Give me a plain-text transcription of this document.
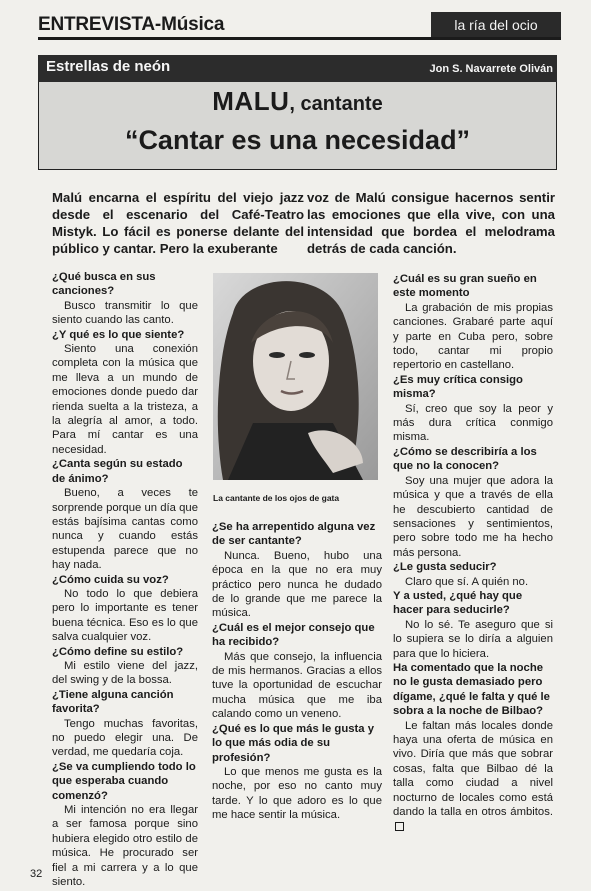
ENTREVISTA-Música	la ría del ocio
Estrellas de neón	Jon S. Navarrete Oliván
MALU, cantante
“Cantar es una necesidad”
Malú encarna el espíritu del viejo jazz desde el escenario del Café-Teatro Mistyk. Lo fácil es ponerse delante del público y cantar. Pero la exuberante
voz de Malú consigue hacernos sentir las emociones que ella vive, con una intensidad que bordea el melodrama detrás de cada canción.

¿Qué busca en sus canciones?

Busco transmitir lo que siento cuando las canto.

¿Y qué es lo que siente?

Siento una conexión completa con la música que me lleva a un mundo de emociones donde puedo dar rienda suelta a la tristeza, a la alegría al amor, a todo. Para mí cantar es una necesidad.

¿Canta según su estado de ánimo?

Bueno, a veces te sorprende porque un día que estás bajísima cantas como nunca y cuando estás estupenda parece que no hay nada.

¿Cómo cuida su voz?

No todo lo que debiera pero lo importante es tener buena técnica. Eso es lo que salva cualquier voz.

¿Cómo define su estilo?

Mi estilo viene del jazz, del swing y de la bossa.

¿Tiene alguna canción favorita?

Tengo muchas favoritas, no puedo elegir una. De verdad, me quedaría coja.

¿Se va cumpliendo todo lo que esperaba cuando comenzó?

Mi intención no era llegar a ser famosa porque sino hubiera elegido otro estilo de música. He procurado ser fiel a mi carrera y a lo que siento.

La cantante de los ojos de gata

¿Se ha arrepentido alguna vez de ser cantante?

Nunca. Bueno, hubo una época en la que no era muy práctico pero nunca he dudado de lo grande que me parece la música.

¿Cuál es el mejor consejo que ha recibido?

Más que consejo, la influencia de mis hermanos. Gracias a ellos tuve la oportunidad de escuchar mucha música que me iba calando como un veneno.

¿Qué es lo que más le gusta y lo que más odia de su profesión?

Lo que menos me gusta es la noche, por eso no canto muy tarde. Y lo que adoro es lo que me hace sentir la música.

¿Cuál es su gran sueño en este momento

La grabación de mis propias canciones. Grabaré parte aquí y parte en Cuba pero, sobre todo, cantar mi propio repertorio en castellano.

¿Es muy crítica consigo misma?

Sí, creo que soy la peor y más dura crítica conmigo misma.

¿Cómo se describiría a los que no la conocen?

Soy una mujer que adora la música y que a través de ella he descubierto cantidad de sensaciones y sentimientos, pero sobre todo me ha hecho más persona.

¿Le gusta seducir?

Claro que sí. A quién no.

Y a usted, ¿qué hay que hacer para seducirle?

No lo sé. Te aseguro que si lo supiera se lo diría a alguien para que lo hiciera.

Ha comentado que la noche no le gusta demasiado pero dígame, ¿qué le falta y qué le sobra a la noche de Bilbao?

Le faltan más locales donde haya una oferta de música en vivo. Diría que más que sobrar cosas, falta que Bilbao dé la talla como ciudad a nivel nocturno de locales como está dando la talla en otros ámbitos.

32
